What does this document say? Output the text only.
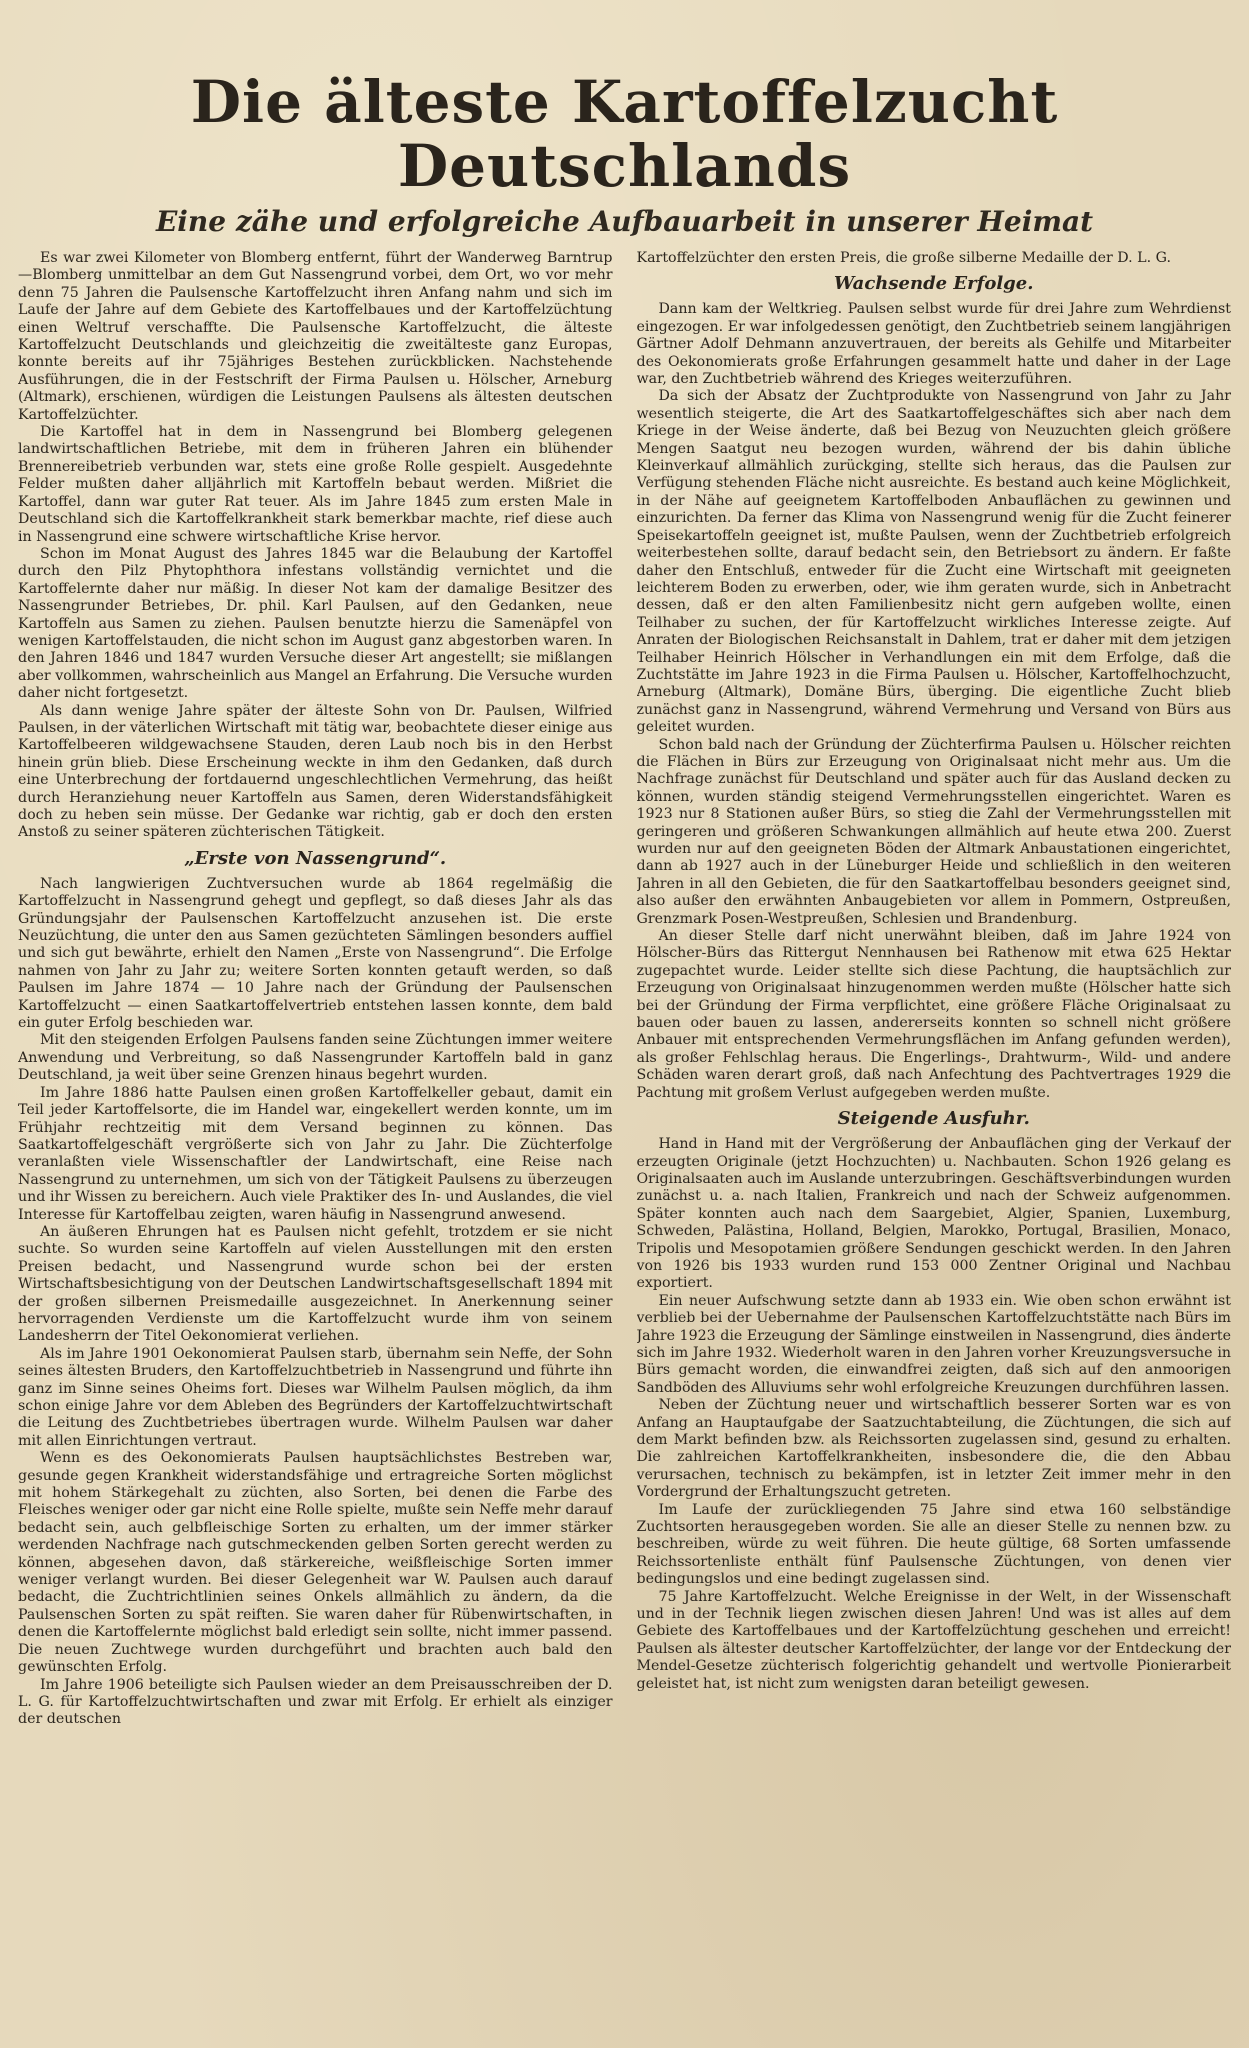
Die älteste Kartoffelzucht Deutschlands
Eine zähe und erfolgreiche Aufbauarbeit in unserer Heimat

Es war zwei Kilometer von Blomberg entfernt, führt der Wanderweg Barntrup—Blomberg unmittelbar an dem Gut Nassengrund vorbei, dem Ort, wo vor mehr denn 75 Jahren die Paulsensche Kartoffelzucht ihren Anfang nahm und sich im Laufe der Jahre auf dem Gebiete des Kartoffelbaues und der Kartoffelzüchtung einen Weltruf verschaffte. Die Paulsensche Kartoffelzucht, die älteste Kartoffelzucht Deutschlands und gleichzeitig die zweitälteste ganz Europas, konnte bereits auf ihr 75jähriges Bestehen zurückblicken. Nachstehende Ausführungen, die in der Festschrift der Firma Paulsen u. Hölscher, Arneburg (Altmark), erschienen, würdigen die Leistungen Paulsens als ältesten deutschen Kartoffelzüchter.

Die Kartoffel hat in dem in Nassengrund bei Blomberg gelegenen landwirtschaftlichen Betriebe, mit dem in früheren Jahren ein blühender Brennereibetrieb verbunden war, stets eine große Rolle gespielt. Ausgedehnte Felder mußten daher alljährlich mit Kartoffeln bebaut werden. Mißriet die Kartoffel, dann war guter Rat teuer. Als im Jahre 1845 zum ersten Male in Deutschland sich die Kartoffelkrankheit stark bemerkbar machte, rief diese auch in Nassengrund eine schwere wirtschaftliche Krise hervor.

Schon im Monat August des Jahres 1845 war die Belaubung der Kartoffel durch den Pilz Phytophthora infestans vollständig vernichtet und die Kartoffelernte daher nur mäßig. In dieser Not kam der damalige Besitzer des Nassengrunder Betriebes, Dr. phil. Karl Paulsen, auf den Gedanken, neue Kartoffeln aus Samen zu ziehen. Paulsen benutzte hierzu die Samenäpfel von wenigen Kartoffelstauden, die nicht schon im August ganz abgestorben waren. In den Jahren 1846 und 1847 wurden Versuche dieser Art angestellt; sie mißlangen aber vollkommen, wahrscheinlich aus Mangel an Erfahrung. Die Versuche wurden daher nicht fortgesetzt.

Als dann wenige Jahre später der älteste Sohn von Dr. Paulsen, Wilfried Paulsen, in der väterlichen Wirtschaft mit tätig war, beobachtete dieser einige aus Kartoffelbeeren wildgewachsene Stauden, deren Laub noch bis in den Herbst hinein grün blieb. Diese Erscheinung weckte in ihm den Gedanken, daß durch eine Unterbrechung der fortdauernd ungeschlechtlichen Vermehrung, das heißt durch Heranziehung neuer Kartoffeln aus Samen, deren Widerstandsfähigkeit doch zu heben sein müsse. Der Gedanke war richtig, gab er doch den ersten Anstoß zu seiner späteren züchterischen Tätigkeit.

„Erste von Nassengrund“.

Nach langwierigen Zuchtversuchen wurde ab 1864 regelmäßig die Kartoffelzucht in Nassengrund gehegt und gepflegt, so daß dieses Jahr als das Gründungsjahr der Paulsenschen Kartoffelzucht anzusehen ist. Die erste Neuzüchtung, die unter den aus Samen gezüchteten Sämlingen besonders auffiel und sich gut bewährte, erhielt den Namen „Erste von Nassengrund“. Die Erfolge nahmen von Jahr zu Jahr zu; weitere Sorten konnten getauft werden, so daß Paulsen im Jahre 1874 — 10 Jahre nach der Gründung der Paulsenschen Kartoffelzucht — einen Saatkartoffelvertrieb entstehen lassen konnte, dem bald ein guter Erfolg beschieden war.

Mit den steigenden Erfolgen Paulsens fanden seine Züchtungen immer weitere Anwendung und Verbreitung, so daß Nassengrunder Kartoffeln bald in ganz Deutschland, ja weit über seine Grenzen hinaus begehrt wurden.

Im Jahre 1886 hatte Paulsen einen großen Kartoffelkeller gebaut, damit ein Teil jeder Kartoffelsorte, die im Handel war, eingekellert werden konnte, um im Frühjahr rechtzeitig mit dem Versand beginnen zu können. Das Saatkartoffelgeschäft vergrößerte sich von Jahr zu Jahr. Die Züchterfolge veranlaßten viele Wissenschaftler der Landwirtschaft, eine Reise nach Nassengrund zu unternehmen, um sich von der Tätigkeit Paulsens zu überzeugen und ihr Wissen zu bereichern. Auch viele Praktiker des In- und Auslandes, die viel Interesse für Kartoffelbau zeigten, waren häufig in Nassengrund anwesend.

An äußeren Ehrungen hat es Paulsen nicht gefehlt, trotzdem er sie nicht suchte. So wurden seine Kartoffeln auf vielen Ausstellungen mit den ersten Preisen bedacht, und Nassengrund wurde schon bei der ersten Wirtschaftsbesichtigung von der Deutschen Landwirtschaftsgesellschaft 1894 mit der großen silbernen Preismedaille ausgezeichnet. In Anerkennung seiner hervorragenden Verdienste um die Kartoffelzucht wurde ihm von seinem Landesherrn der Titel Oekonomierat verliehen.

Als im Jahre 1901 Oekonomierat Paulsen starb, übernahm sein Neffe, der Sohn seines ältesten Bruders, den Kartoffelzuchtbetrieb in Nassengrund und führte ihn ganz im Sinne seines Oheims fort. Dieses war Wilhelm Paulsen möglich, da ihm schon einige Jahre vor dem Ableben des Begründers der Kartoffelzuchtwirtschaft die Leitung des Zuchtbetriebes übertragen wurde. Wilhelm Paulsen war daher mit allen Einrichtungen vertraut.

Wenn es des Oekonomierats Paulsen hauptsächlichstes Bestreben war, gesunde gegen Krankheit widerstandsfähige und ertragreiche Sorten möglichst mit hohem Stärkegehalt zu züchten, also Sorten, bei denen die Farbe des Fleisches weniger oder gar nicht eine Rolle spielte, mußte sein Neffe mehr darauf bedacht sein, auch gelbfleischige Sorten zu erhalten, um der immer stärker werdenden Nachfrage nach gutschmeckenden gelben Sorten gerecht werden zu können, abgesehen davon, daß stärkereiche, weißfleischige Sorten immer weniger verlangt wurden. Bei dieser Gelegenheit war W. Paulsen auch darauf bedacht, die Zuchtrichtlinien seines Onkels allmählich zu ändern, da die Paulsenschen Sorten zu spät reiften. Sie waren daher für Rübenwirtschaften, in denen die Kartoffelernte möglichst bald erledigt sein sollte, nicht immer passend. Die neuen Zuchtwege wurden durchgeführt und brachten auch bald den gewünschten Erfolg.

Im Jahre 1906 beteiligte sich Paulsen wieder an dem Preisausschreiben der D. L. G. für Kartoffelzuchtwirtschaften und zwar mit Erfolg. Er erhielt als einziger der deutschen

Kartoffelzüchter den ersten Preis, die große silberne Medaille der D. L. G.

Wachsende Erfolge.

Dann kam der Weltkrieg. Paulsen selbst wurde für drei Jahre zum Wehrdienst eingezogen. Er war infolgedessen genötigt, den Zuchtbetrieb seinem langjährigen Gärtner Adolf Dehmann anzuvertrauen, der bereits als Gehilfe und Mitarbeiter des Oekonomierats große Erfahrungen gesammelt hatte und daher in der Lage war, den Zuchtbetrieb während des Krieges weiterzuführen.

Da sich der Absatz der Zuchtprodukte von Nassengrund von Jahr zu Jahr wesentlich steigerte, die Art des Saatkartoffelgeschäftes sich aber nach dem Kriege in der Weise änderte, daß bei Bezug von Neuzuchten gleich größere Mengen Saatgut neu bezogen wurden, während der bis dahin übliche Kleinverkauf allmählich zurückging, stellte sich heraus, das die Paulsen zur Verfügung stehenden Fläche nicht ausreichte. Es bestand auch keine Möglichkeit, in der Nähe auf geeignetem Kartoffelboden Anbauflächen zu gewinnen und einzurichten. Da ferner das Klima von Nassengrund wenig für die Zucht feinerer Speisekartoffeln geeignet ist, mußte Paulsen, wenn der Zuchtbetrieb erfolgreich weiterbestehen sollte, darauf bedacht sein, den Betriebsort zu ändern. Er faßte daher den Entschluß, entweder für die Zucht eine Wirtschaft mit geeigneten leichterem Boden zu erwerben, oder, wie ihm geraten wurde, sich in Anbetracht dessen, daß er den alten Familienbesitz nicht gern aufgeben wollte, einen Teilhaber zu suchen, der für Kartoffelzucht wirkliches Interesse zeigte. Auf Anraten der Biologischen Reichsanstalt in Dahlem, trat er daher mit dem jetzigen Teilhaber Heinrich Hölscher in Verhandlungen ein mit dem Erfolge, daß die Zuchtstätte im Jahre 1923 in die Firma Paulsen u. Hölscher, Kartoffelhochzucht, Arneburg (Altmark), Domäne Bürs, überging. Die eigentliche Zucht blieb zunächst ganz in Nassengrund, während Vermehrung und Versand von Bürs aus geleitet wurden.

Schon bald nach der Gründung der Züchterfirma Paulsen u. Hölscher reichten die Flächen in Bürs zur Erzeugung von Originalsaat nicht mehr aus. Um die Nachfrage zunächst für Deutschland und später auch für das Ausland decken zu können, wurden ständig steigend Vermehrungsstellen eingerichtet. Waren es 1923 nur 8 Stationen außer Bürs, so stieg die Zahl der Vermehrungsstellen mit geringeren und größeren Schwankungen allmählich auf heute etwa 200. Zuerst wurden nur auf den geeigneten Böden der Altmark Anbaustationen eingerichtet, dann ab 1927 auch in der Lüneburger Heide und schließlich in den weiteren Jahren in all den Gebieten, die für den Saatkartoffelbau besonders geeignet sind, also außer den erwähnten Anbaugebieten vor allem in Pommern, Ostpreußen, Grenzmark Posen-Westpreußen, Schlesien und Brandenburg.

An dieser Stelle darf nicht unerwähnt bleiben, daß im Jahre 1924 von Hölscher-Bürs das Rittergut Nennhausen bei Rathenow mit etwa 625 Hektar zugepachtet wurde. Leider stellte sich diese Pachtung, die hauptsächlich zur Erzeugung von Originalsaat hinzugenommen werden mußte (Hölscher hatte sich bei der Gründung der Firma verpflichtet, eine größere Fläche Originalsaat zu bauen oder bauen zu lassen, andererseits konnten so schnell nicht größere Anbauer mit entsprechenden Vermehrungsflächen im Anfang gefunden werden), als großer Fehlschlag heraus. Die Engerlings-, Drahtwurm-, Wild- und andere Schäden waren derart groß, daß nach Anfechtung des Pachtvertrages 1929 die Pachtung mit großem Verlust aufgegeben werden mußte.

Steigende Ausfuhr.

Hand in Hand mit der Vergrößerung der Anbauflächen ging der Verkauf der erzeugten Originale (jetzt Hochzuchten) u. Nachbauten. Schon 1926 gelang es Originalsaaten auch im Auslande unterzubringen. Geschäftsverbindungen wurden zunächst u. a. nach Italien, Frankreich und nach der Schweiz aufgenommen. Später konnten auch nach dem Saargebiet, Algier, Spanien, Luxemburg, Schweden, Palästina, Holland, Belgien, Marokko, Portugal, Brasilien, Monaco, Tripolis und Mesopotamien größere Sendungen geschickt werden. In den Jahren von 1926 bis 1933 wurden rund 153 000 Zentner Original und Nachbau exportiert.

Ein neuer Aufschwung setzte dann ab 1933 ein. Wie oben schon erwähnt ist verblieb bei der Uebernahme der Paulsenschen Kartoffelzuchtstätte nach Bürs im Jahre 1923 die Erzeugung der Sämlinge einstweilen in Nassengrund, dies änderte sich im Jahre 1932. Wiederholt waren in den Jahren vorher Kreuzungsversuche in Bürs gemacht worden, die einwandfrei zeigten, daß sich auf den anmoorigen Sandböden des Alluviums sehr wohl erfolgreiche Kreuzungen durchführen lassen.

Neben der Züchtung neuer und wirtschaftlich besserer Sorten war es von Anfang an Hauptaufgabe der Saatzuchtabteilung, die Züchtungen, die sich auf dem Markt befinden bzw. als Reichssorten zugelassen sind, gesund zu erhalten. Die zahlreichen Kartoffelkrankheiten, insbesondere die, die den Abbau verursachen, technisch zu bekämpfen, ist in letzter Zeit immer mehr in den Vordergrund der Erhaltungszucht getreten.

Im Laufe der zurückliegenden 75 Jahre sind etwa 160 selbständige Zuchtsorten herausgegeben worden. Sie alle an dieser Stelle zu nennen bzw. zu beschreiben, würde zu weit führen. Die heute gültige, 68 Sorten umfassende Reichssortenliste enthält fünf Paulsensche Züchtungen, von denen vier bedingungslos und eine bedingt zugelassen sind.

75 Jahre Kartoffelzucht. Welche Ereignisse in der Welt, in der Wissenschaft und in der Technik liegen zwischen diesen Jahren! Und was ist alles auf dem Gebiete des Kartoffelbaues und der Kartoffelzüchtung geschehen und erreicht! Paulsen als ältester deutscher Kartoffelzüchter, der lange vor der Entdeckung der Mendel-Gesetze züchterisch folgerichtig gehandelt und wertvolle Pionierarbeit geleistet hat, ist nicht zum wenigsten daran beteiligt gewesen.
